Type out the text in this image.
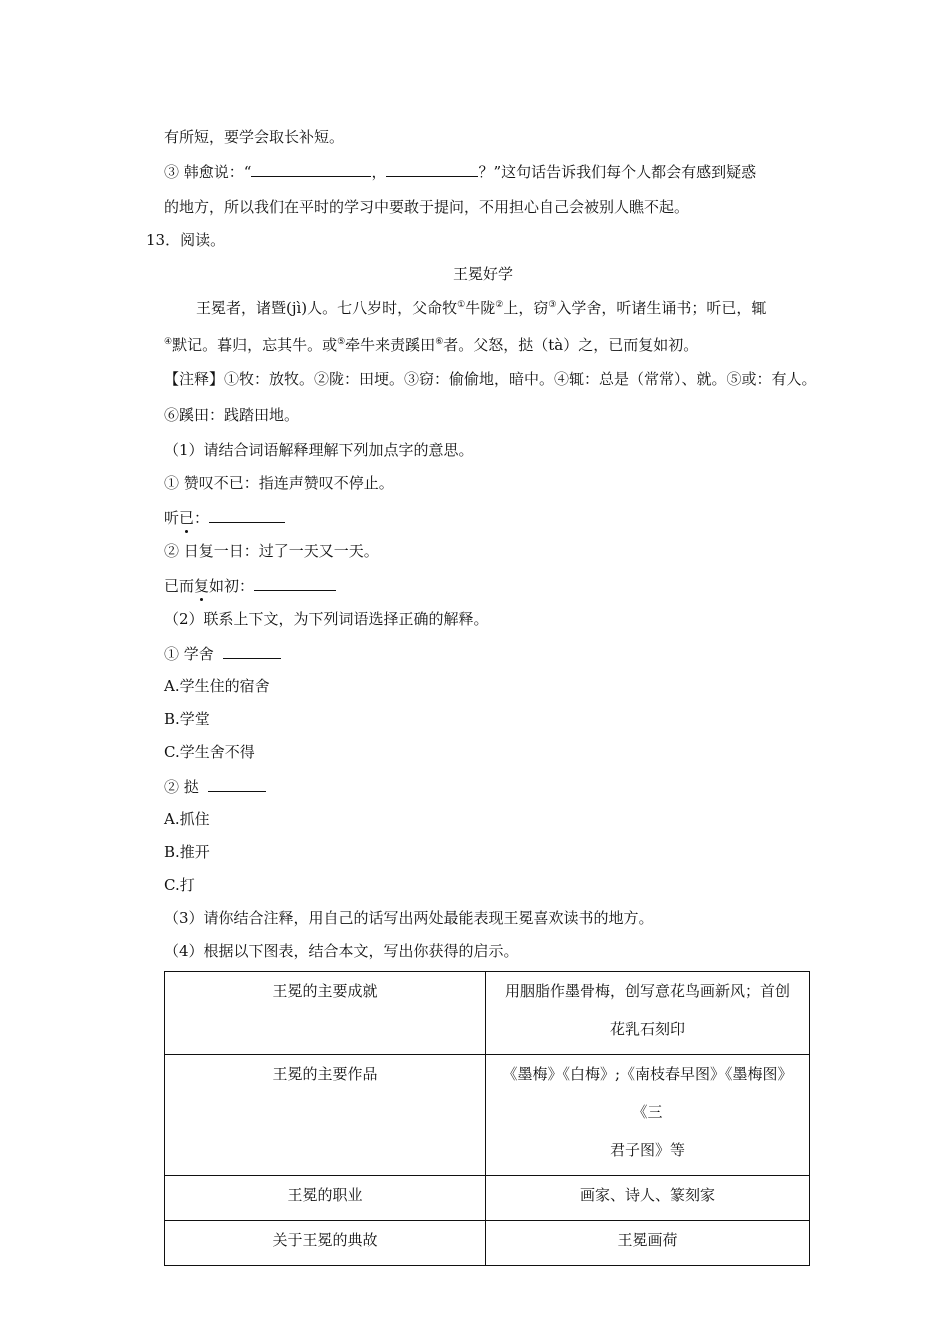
有所短，要学会取长补短。
③ 韩愈说：“	，	？”这句话告诉我们每个人都会有感到疑惑
的地方，所以我们在平时的学习中要敢于提问，不用担心自己会被别人瞧不起。
13．阅读。
王冕好学
王冕者，诸暨(jì)人。七八岁时，父命牧①牛陇②上，窃③入学舍，听诸生诵书；听已，辄
④默记。暮归，忘其牛。或⑤牵牛来责蹊田⑥者。父怒，挞（tà）之，已而复如初。
【注释】①牧：放牧。②陇：田埂。③窃：偷偷地，暗中。④辄：总是（常常）、就。⑤或：有人。
⑥蹊田：践踏田地。
（1）请结合词语解释理解下列加点字的意思。
① 赞叹不已：指连声赞叹不停止。
听已：
② 日复一日：过了一天又一天。
已而复如初：
（2）联系上下文，为下列词语选择正确的解释。
① 学舍
A.学生住的宿舍
B.学堂
C.学生舍不得
② 挞
A.抓住
B.推开
C.打
（3）请你结合注释，用自己的话写出两处最能表现王冕喜欢读书的地方。
（4）根据以下图表，结合本文，写出你获得的启示。
王冕的主要成就	用胭脂作墨骨梅，创写意花鸟画新风；首创
花乳石刻印
王冕的主要作品	《墨梅》《白梅》;《南枝春早图》《墨梅图》《三
君子图》等
王冕的职业	画家、诗人、篆刻家
关于王冕的典故	王冕画荷
